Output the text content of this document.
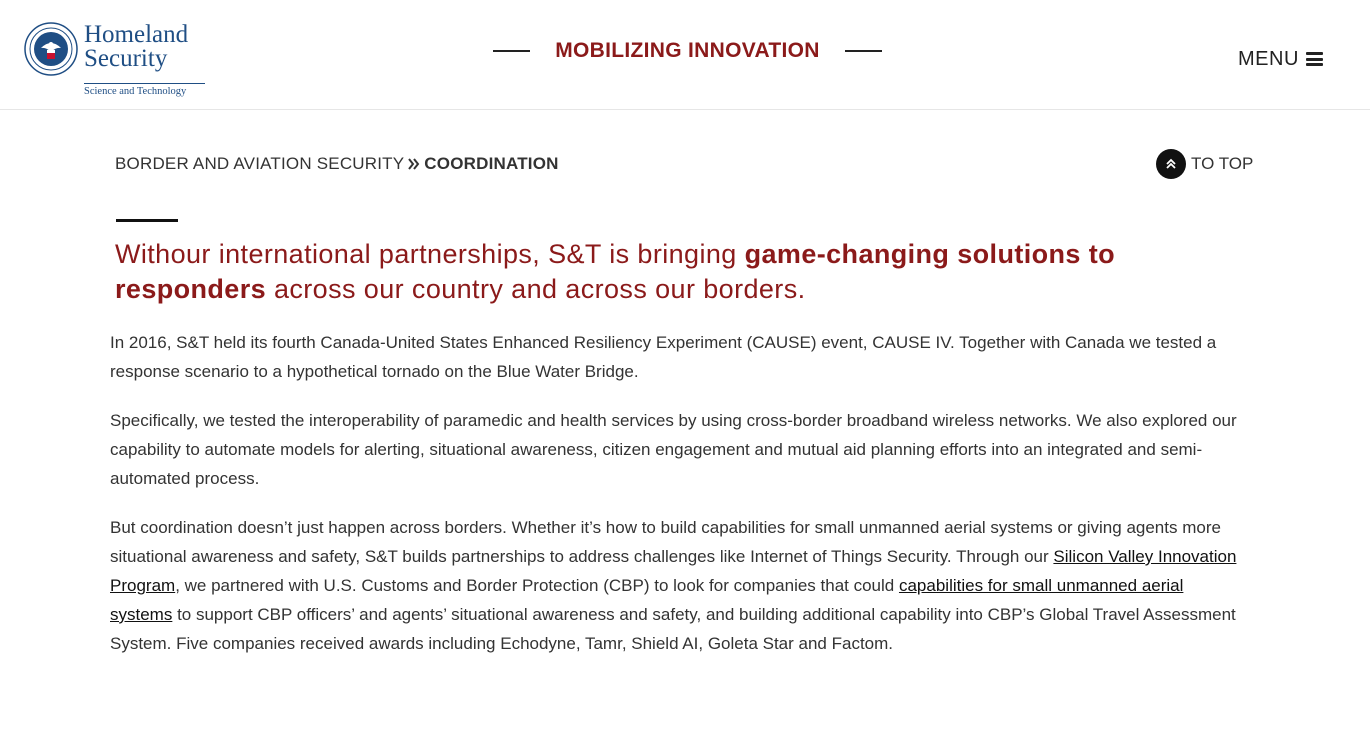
Homeland
Security
Science and Technology
MOBILIZING INNOVATION	MENU
BORDER AND AVIATION SECURITY COORDINATION	TO TOP
Withour international partnerships, S&T is bringing game-changing solutions to responders across our country and across our borders.

In 2016, S&T held its fourth Canada-United States Enhanced Resiliency Experiment (CAUSE) event, CAUSE IV. Together with Canada we tested a response scenario to a hypothetical tornado on the Blue Water Bridge.

Specifically, we tested the interoperability of paramedic and health services by using cross-border broadband wireless networks. We also explored our capability to automate models for alerting, situational awareness, citizen engagement and mutual aid planning efforts into an integrated and semi-automated process.

But coordination doesn’t just happen across borders. Whether it’s how to build capabilities for small unmanned aerial systems or giving agents more situational awareness and safety, S&T builds partnerships to address challenges like Internet of Things Security. Through our Silicon Valley Innovation Program, we partnered with U.S. Customs and Border Protection (CBP) to look for companies that could capabilities for small unmanned aerial systems to support CBP officers’ and agents’ situational awareness and safety, and building additional capability into CBP’s Global Travel Assessment System. Five companies received awards including Echodyne, Tamr, Shield AI, Goleta Star and Factom.
